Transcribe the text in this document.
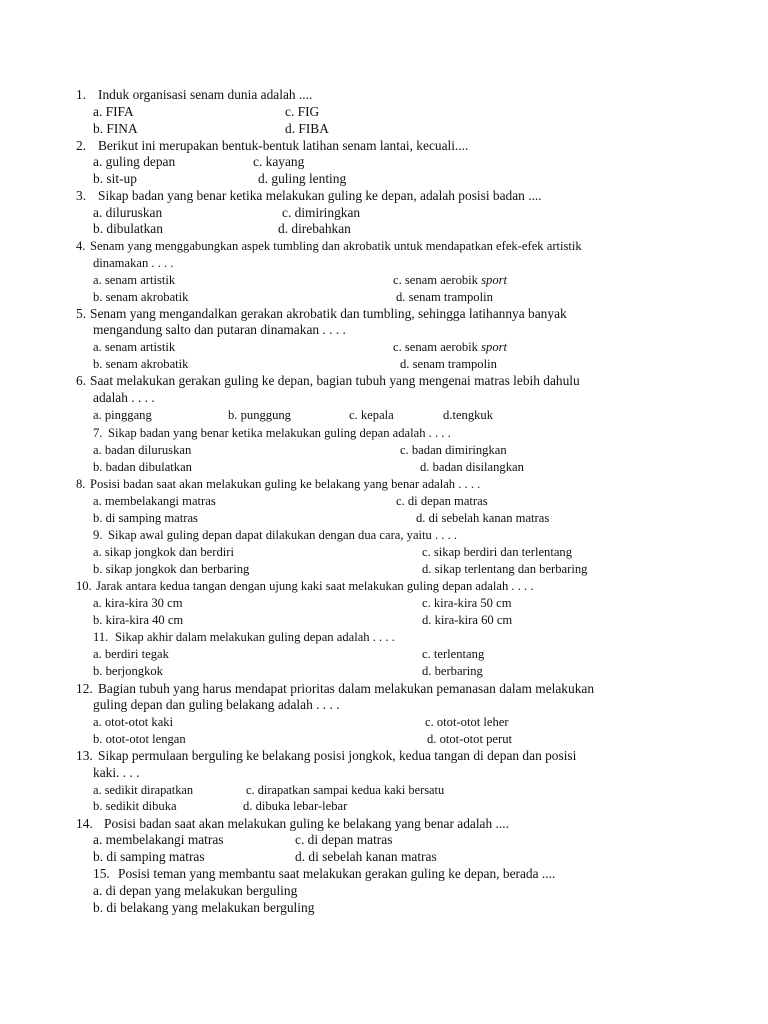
1. Induk organisasi senam dunia adalah ....
a. FIFA	c. FIG
b. FINA	d. FIBA
2. Berikut ini merupakan bentuk-bentuk latihan senam lantai, kecuali....
a. guling depan	c. kayang
b. sit-up	d. guling lenting
3. Sikap badan yang benar ketika melakukan guling ke depan, adalah posisi badan ....
a. diluruskan	c. dimiringkan
b. dibulatkan	d. direbahkan
4. Senam yang menggabungkan aspek tumbling dan akrobatik untuk mendapatkan efek-efek artistik
dinamakan . . . .
a. senam artistik	c. senam aerobik sport
b. senam akrobatik	d. senam trampolin
5. Senam yang mengandalkan gerakan akrobatik dan tumbling, sehingga latihannya banyak
mengandung salto dan putaran dinamakan . . . .
a. senam artistik	c. senam aerobik sport
b. senam akrobatik	d. senam trampolin
6. Saat melakukan gerakan guling ke depan, bagian tubuh yang mengenai matras lebih dahulu
adalah . . . .
a. pinggang	b. punggung	c. kepala	d.tengkuk
7. Sikap badan yang benar ketika melakukan guling depan adalah . . . .
a. badan diluruskan	c. badan dimiringkan
b. badan dibulatkan	d. badan disilangkan
8. Posisi badan saat akan melakukan guling ke belakang yang benar adalah . . . .
a. membelakangi matras	c. di depan matras
b. di samping matras	d. di sebelah kanan matras
9. Sikap awal guling depan dapat dilakukan dengan dua cara, yaitu . . . .
a. sikap jongkok dan berdiri	c. sikap berdiri dan terlentang
b. sikap jongkok dan berbaring	d. sikap terlentang dan berbaring
10. Jarak antara kedua tangan dengan ujung kaki saat melakukan guling depan adalah . . . .
a. kira-kira 30 cm	c. kira-kira 50 cm
b. kira-kira 40 cm	d. kira-kira 60 cm
11. Sikap akhir dalam melakukan guling depan adalah . . . .
a. berdiri tegak	c. terlentang
b. berjongkok	d. berbaring
12. Bagian tubuh yang harus mendapat prioritas dalam melakukan pemanasan dalam melakukan
guling depan dan guling belakang adalah . . . .
a. otot-otot kaki	c. otot-otot leher
b. otot-otot lengan	d. otot-otot perut
13. Sikap permulaan berguling ke belakang posisi jongkok, kedua tangan di depan dan posisi
kaki. . . .
a. sedikit dirapatkan	c. dirapatkan sampai kedua kaki bersatu
b. sedikit dibuka	d. dibuka lebar-lebar
14. Posisi badan saat akan melakukan guling ke belakang yang benar adalah ....
a. membelakangi matras	c. di depan matras
b. di samping matras	d. di sebelah kanan matras
15. Posisi teman yang membantu saat melakukan gerakan guling ke depan, berada ....
a. di depan yang melakukan berguling
b. di belakang yang melakukan berguling
